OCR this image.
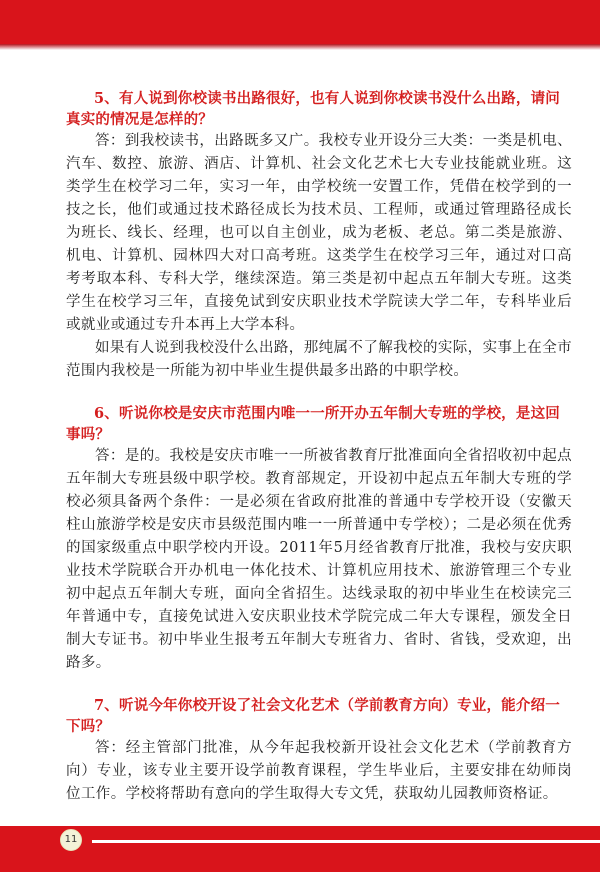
5、有人说到你校读书出路很好，也有人说到你校读书没什么出路，请问真实的情况是怎样的？

答：到我校读书，出路既多又广。我校专业开设分三大类：一类是机电、汽车、数控、旅游、酒店、计算机、社会文化艺术七大专业技能就业班。这类学生在校学习二年，实习一年，由学校统一安置工作，凭借在校学到的一技之长，他们或通过技术路径成长为技术员、工程师，或通过管理路径成长为班长、线长、经理，也可以自主创业，成为老板、老总。第二类是旅游、机电、计算机、园林四大对口高考班。这类学生在校学习三年，通过对口高考考取本科、专科大学，继续深造。第三类是初中起点五年制大专班。这类学生在校学习三年，直接免试到安庆职业技术学院读大学二年，专科毕业后或就业或通过专升本再上大学本科。

如果有人说到我校没什么出路，那纯属不了解我校的实际，实事上在全市范围内我校是一所能为初中毕业生提供最多出路的中职学校。

6、听说你校是安庆市范围内唯一一所开办五年制大专班的学校，是这回事吗？

答：是的。我校是安庆市唯一一所被省教育厅批准面向全省招收初中起点五年制大专班县级中职学校。教育部规定，开设初中起点五年制大专班的学校必须具备两个条件：一是必须在省政府批准的普通中专学校开设（安徽天柱山旅游学校是安庆市县级范围内唯一一所普通中专学校）；二是必须在优秀的国家级重点中职学校内开设。2011年5月经省教育厅批准，我校与安庆职业技术学院联合开办机电一体化技术、计算机应用技术、旅游管理三个专业初中起点五年制大专班，面向全省招生。达线录取的初中毕业生在校读完三年普通中专，直接免试进入安庆职业技术学院完成二年大专课程，颁发全日制大专证书。初中毕业生报考五年制大专班省力、省时、省钱，受欢迎，出路多。

7、听说今年你校开设了社会文化艺术（学前教育方向）专业，能介绍一下吗？

答：经主管部门批准，从今年起我校新开设社会文化艺术（学前教育方向）专业，该专业主要开设学前教育课程，学生毕业后，主要安排在幼师岗位工作。学校将帮助有意向的学生取得大专文凭，获取幼儿园教师资格证。

11
